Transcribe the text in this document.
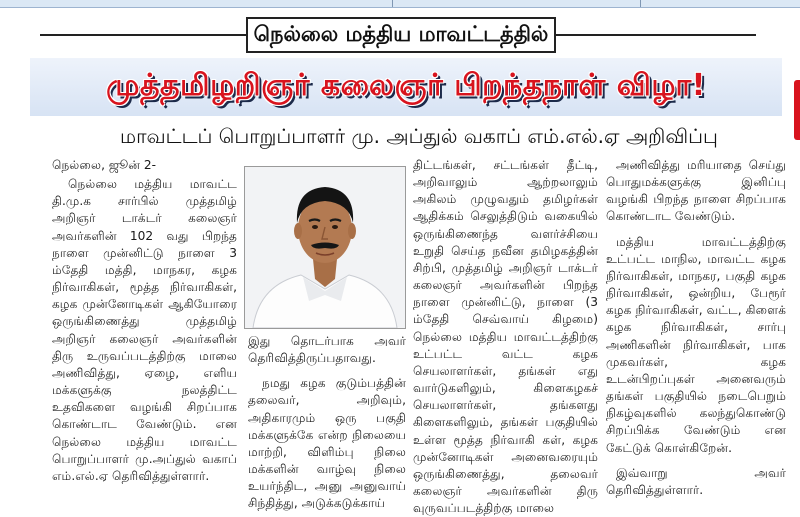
நெல்லை மத்திய மாவட்டத்தில்
முத்தமிழறிஞர் கலைஞர் பிறந்தநாள் விழா!
மாவட்டப் பொறுப்பாளர் மு. அப்துல் வகாப் எம்.எல்.ஏ அறிவிப்பு

நெல்லை, ஜூன் 2-

நெல்லை மத்திய மாவட்ட தி.மு.க சார்பில் முத்தமிழ் அறிஞர் டாக்டர் கலைஞர் அவர்களின் 102 வது பிறந்த நாளை முன்னிட்டு நாளை 3 ம்தேதி மத்தி, மாநகர, கழக நிர்வாகிகள், மூத்த நிர்வாகிகள், கழக முன்னோடிகள் ஆகியோரை ஒருங்கிணைத்து முத்தமிழ் அறிஞர் கலைஞர் அவர்களின் திரு உருவப்படத்திற்கு மாலை அணிவித்து, ஏழை, எளிய மக்களுக்கு நலத்திட்ட உதவிகளை வழங்கி சிறப்பாக கொண்டாட வேண்டும். என நெல்லை மத்திய மாவட்ட பொறுப்பாளர் மு.அப்துல் வகாப் எம்.எல்.ஏ தெரிவித்துள்ளார்.

இது தொடர்பாக அவர் தெரிவித்திருப்பதாவது.

நமது கழக குடும்பத்தின் தலைவர், அறிவும், அதிகாரமும் ஒரு பகுதி மக்களுக்கே என்ற நிலையை மாற்றி, விளிம்பு நிலை மக்களின் வாழ்வு நிலை உயர்ந்திட, அனு அனுவாய் சிந்தித்து, அடுக்கடுக்காய்

திட்டங்கள், சட்டங்கள் தீட்டி, அறிவாலும் ஆற்றலாலும் அகிலம் முழுவதும் தமிழர்கள் ஆதிக்கம் செலுத்திடும் வகையில் ஒருங்கிணைந்த வளர்ச்சியை உறுதி செய்த நவீன தமிழகத்தின் சிற்பி, முத்தமிழ் அறிஞர் டாக்டர் கலைஞர் அவர்களின் பிறந்த நாளை முன்னிட்டு, நாளை (3 ம்தேதி செவ்வாய் கிழமை) நெல்லை மத்திய மாவட்டத்திற்கு உட்பட்ட வட்ட கழக செயலாளர்கள், தங்கள் எது வார்டுகளிலும், கிளைகழகச் செயலாளர்கள், தங்களது கிளைகளிலும், தங்கள் பகுதியில் உள்ள மூத்த நிர்வாகி கள், கழக முன்னோடிகள் அனைவரையும் ஒருங்கிணைத்து, தலைவர் கலைஞர் அவர்களின் திரு வுருவப்படத்திற்கு மாலை

அணிவித்து மரியாதை செய்து பொதுமக்களுக்கு இனிப்பு வழங்கி பிறந்த நாளை சிறப்பாக கொண்டாட வேண்டும்.

மத்திய மாவட்டத்திற்கு உட்பட்ட மாநில, மாவட்ட கழக நிர்வாகிகள், மாநகர, பகுதி கழக நிர்வாகிகள், ஒன்றிய, பேரூர் கழக நிர்வாகிகள், வட்ட, கிளைக் கழக நிர்வாகிகள், சார்பு அணிகளின் நிர்வாகிகள், பாக முகவர்கள், கழக உடன்பிறப்புகள் அனைவரும் தங்கள் பகுதியில் நடைபெறும் நிகழ்வுகளில் கலந்துகொண்டு சிறப்பிக்க வேண்டும் என கேட்டுக் கொள்கிறேன்.

இவ்வாறு அவர் தெரிவித்துள்ளார்.
